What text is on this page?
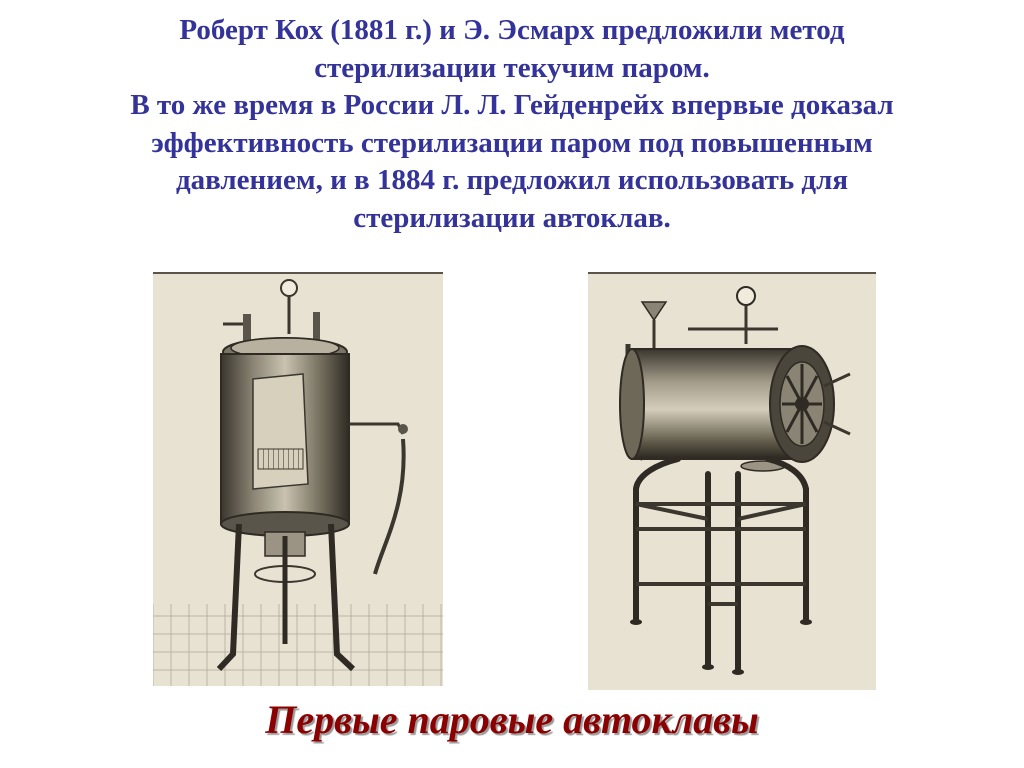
Роберт Кох (1881 г.) и Э. Эсмарх предложили метод
стерилизации текучим паром.
В то же время в России Л. Л. Гейденрейх впервые доказал
эффективность стерилизации паром под повышенным
давлением, и в 1884 г. предложил использовать для
стерилизации автоклав.
Первые паровые автоклавы
